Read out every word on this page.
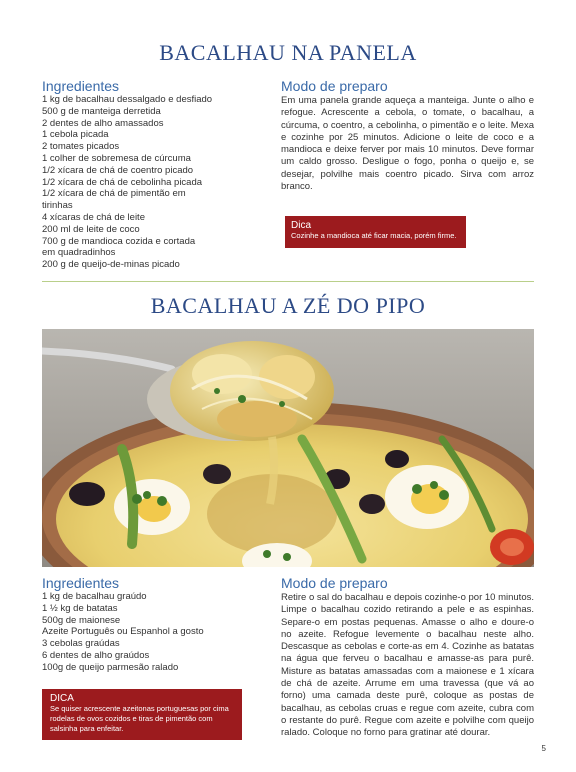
BACALHAU NA PANELA
Ingredientes
1 kg de bacalhau dessalgado e desfiado
500 g de manteiga derretida
2 dentes de alho amassados
1 cebola picada
2 tomates picados
1 colher de sobremesa de cúrcuma
1/2 xícara de chá de coentro picado
1/2 xícara de chá de cebolinha picada
1/2 xícara de chá de pimentão em
tirinhas
4 xícaras de chá de leite
200 ml de leite de coco
700 g de mandioca cozida e cortada
em quadradinhos
200 g de queijo-de-minas picado
Modo de preparo

Em uma panela grande aqueça a manteiga. Junte o alho e refogue. Acrescente a cebola, o tomate, o bacalhau, a cúrcuma, o coentro, a cebolinha, o pimentão e o leite. Mexa e cozinhe por 25 minutos. Adicione o leite de coco e a mandioca e deixe ferver por mais 10 minutos. Deve formar um caldo grosso. Desligue o fogo, ponha o queijo e, se desejar, polvilhe mais coentro picado. Sirva com arroz branco.

Dica

Cozinhe a mandioca até ficar macia, porém firme.

BACALHAU A ZÉ DO PIPO
Ingredientes
1 kg de bacalhau graúdo
1 ½ kg de batatas
500g de maionese
Azeite Português ou Espanhol a gosto
3 cebolas graúdas
6 dentes de alho graúdos
100g de queijo parmesão ralado

DICA

Se quiser acrescente azeitonas portuguesas por cima rodelas de ovos cozidos e tiras de pimentão com salsinha para enfeitar.

Modo de preparo

Retire o sal do bacalhau e depois cozinhe-o por 10 minutos. Limpe o bacalhau cozido retirando a pele e as espinhas. Separe-o em postas pequenas. Amasse o alho e doure-o no azeite. Refogue levemente o bacalhau neste alho. Descasque as cebolas e corte-as em 4. Cozinhe as batatas na água que ferveu o bacalhau e amasse-as para purê. Misture as batatas amassadas com a maionese e 1 xícara de chá de azeite. Arrume em uma travessa (que vá ao forno) uma camada deste purê, coloque as postas de bacalhau, as cebolas cruas e regue com azeite, cubra com o restante do purê. Regue com azeite e polvilhe com queijo ralado. Coloque no forno para gratinar até dourar.

5
